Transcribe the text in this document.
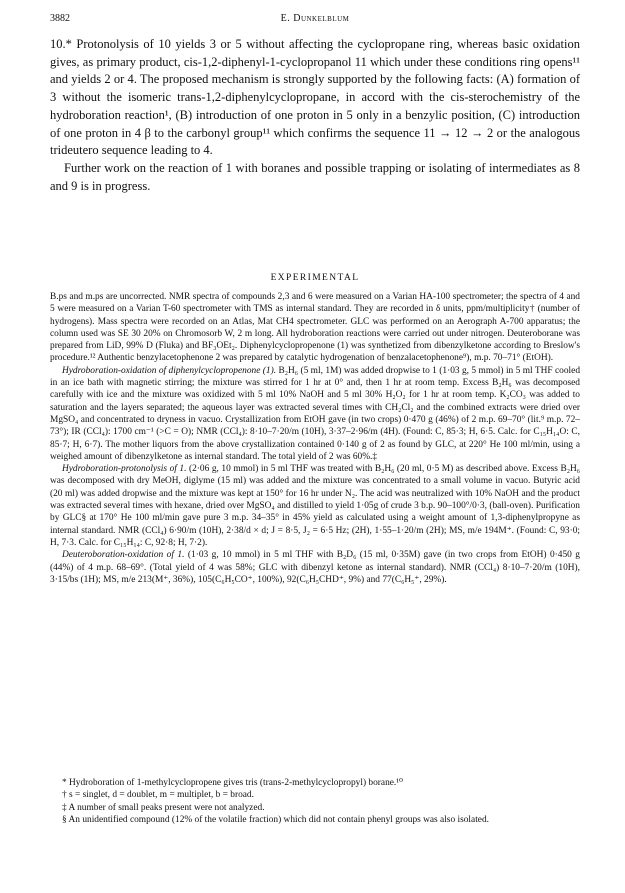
3882	E. Dunkelblum

10.* Protonolysis of 10 yields 3 or 5 without affecting the cyclopropane ring, whereas basic oxidation gives, as primary product, cis-1,2-diphenyl-1-cyclopropanol 11 which under these conditions ring opens¹¹ and yields 2 or 4. The proposed mechanism is strongly supported by the following facts: (A) formation of 3 without the isomeric trans-1,2-diphenylcyclopropane, in accord with the cis-sterochemistry of the hydroboration reaction¹, (B) introduction of one proton in 5 only in a benzylic position, (C) introduction of one proton in 4 β to the carbonyl group¹¹ which confirms the sequence 11 → 12 → 2 or the analogous trideutero sequence leading to 4.

Further work on the reaction of 1 with boranes and possible trapping or isolating of intermediates as 8 and 9 is in progress.

EXPERIMENTAL

B.ps and m.ps are uncorrected. NMR spectra of compounds 2,3 and 6 were measured on a Varian HA-100 spectrometer; the spectra of 4 and 5 were measured on a Varian T-60 spectrometer with TMS as internal standard. They are recorded in δ units, ppm/multiplicity† (number of hydrogens). Mass spectra were recorded on an Atlas, Mat CH4 spectrometer. GLC was performed on an Aerograph A-700 apparatus; the column used was SE 30 20% on Chromosorb W, 2 m long. All hydroboration reactions were carried out under nitrogen. Deuteroborane was prepared from LiD, 99% D (Fluka) and BF₃OEt₂. Diphenylcyclopropenone (1) was synthetized from dibenzylketone according to Breslow's procedure.¹² Authentic benzylacetophenone 2 was prepared by catalytic hydrogenation of benzalacetophenone⁹), m.p. 70–71° (EtOH).

Hydroboration-oxidation of diphenylcyclopropenone (1). B₂H₆ (5 ml, 1M) was added dropwise to 1 (1·03 g, 5 mmol) in 5 ml THF cooled in an ice bath with magnetic stirring; the mixture was stirred for 1 hr at 0° and, then 1 hr at room temp. Excess B₂H₆ was decomposed carefully with ice and the mixture was oxidized with 5 ml 10% NaOH and 5 ml 30% H₂O₂ for 1 hr at room temp. K₂CO₃ was added to saturation and the layers separated; the aqueous layer was extracted several times with CH₂Cl₂ and the combined extracts were dried over MgSO₄ and concentrated to dryness in vacuo. Crystallization from EtOH gave (in two crops) 0·470 g (46%) of 2 m.p. 69–70° (lit.⁹ m.p. 72–73°); IR (CCl₄): 1700 cm⁻¹ (>C = O); NMR (CCl₄): 8·10–7·20/m (10H), 3·37–2·96/m (4H). (Found: C, 85·3; H, 6·5. Calc. for C₁₅H₁₄O: C, 85·7; H, 6·7). The mother liquors from the above crystallization contained 0·140 g of 2 as found by GLC, at 220° He 100 ml/min, using a weighed amount of dibenzylketone as internal standard. The total yield of 2 was 60%.‡

Hydroboration-protonolysis of 1. (2·06 g, 10 mmol) in 5 ml THF was treated with B₂H₆ (20 ml, 0·5 M) as described above. Excess B₂H₆ was decomposed with dry MeOH, diglyme (15 ml) was added and the mixture was concentrated to a small volume in vacuo. Butyric acid (20 ml) was added dropwise and the mixture was kept at 150° for 16 hr under N₂. The acid was neutralized with 10% NaOH and the product was extracted several times with hexane, dried over MgSO₄ and distilled to yield 1·05g of crude 3 b.p. 90–100°/0·3, (ball-oven). Purification by GLC§ at 170° He 100 ml/min gave pure 3 m.p. 34–35° in 45% yield as calculated using a weight amount of 1,3-diphenylpropyne as internal standard. NMR (CCl₄) 6·90/m (10H), 2·38/d × d; J = 8·5, J₂ = 6·5 Hz; (2H), 1·55–1·20/m (2H); MS, m/e 194M⁺. (Found: C, 93·0; H, 7·3. Calc. for C₁₅H₁₄: C, 92·8; H, 7·2).

Deuteroboration-oxidation of 1. (1·03 g, 10 mmol) in 5 ml THF with B₂D₆ (15 ml, 0·35M) gave (in two crops from EtOH) 0·450 g (44%) of 4 m.p. 68–69°. (Total yield of 4 was 58%; GLC with dibenzyl ketone as internal standard). NMR (CCl₄) 8·10–7·20/m (10H), 3·15/bs (1H); MS, m/e 213(M⁺, 36%), 105(C₆H₅CO⁺, 100%), 92(C₆H₅CHD⁺, 9%) and 77(C₆H₅⁺, 29%).

* Hydroboration of 1-methylcyclopropene gives tris (trans-2-methylcyclopropyl) borane.¹⁰

† s = singlet, d = doublet, m = multiplet, b = broad.

‡ A number of small peaks present were not analyzed.

§ An unidentified compound (12% of the volatile fraction) which did not contain phenyl groups was also isolated.
